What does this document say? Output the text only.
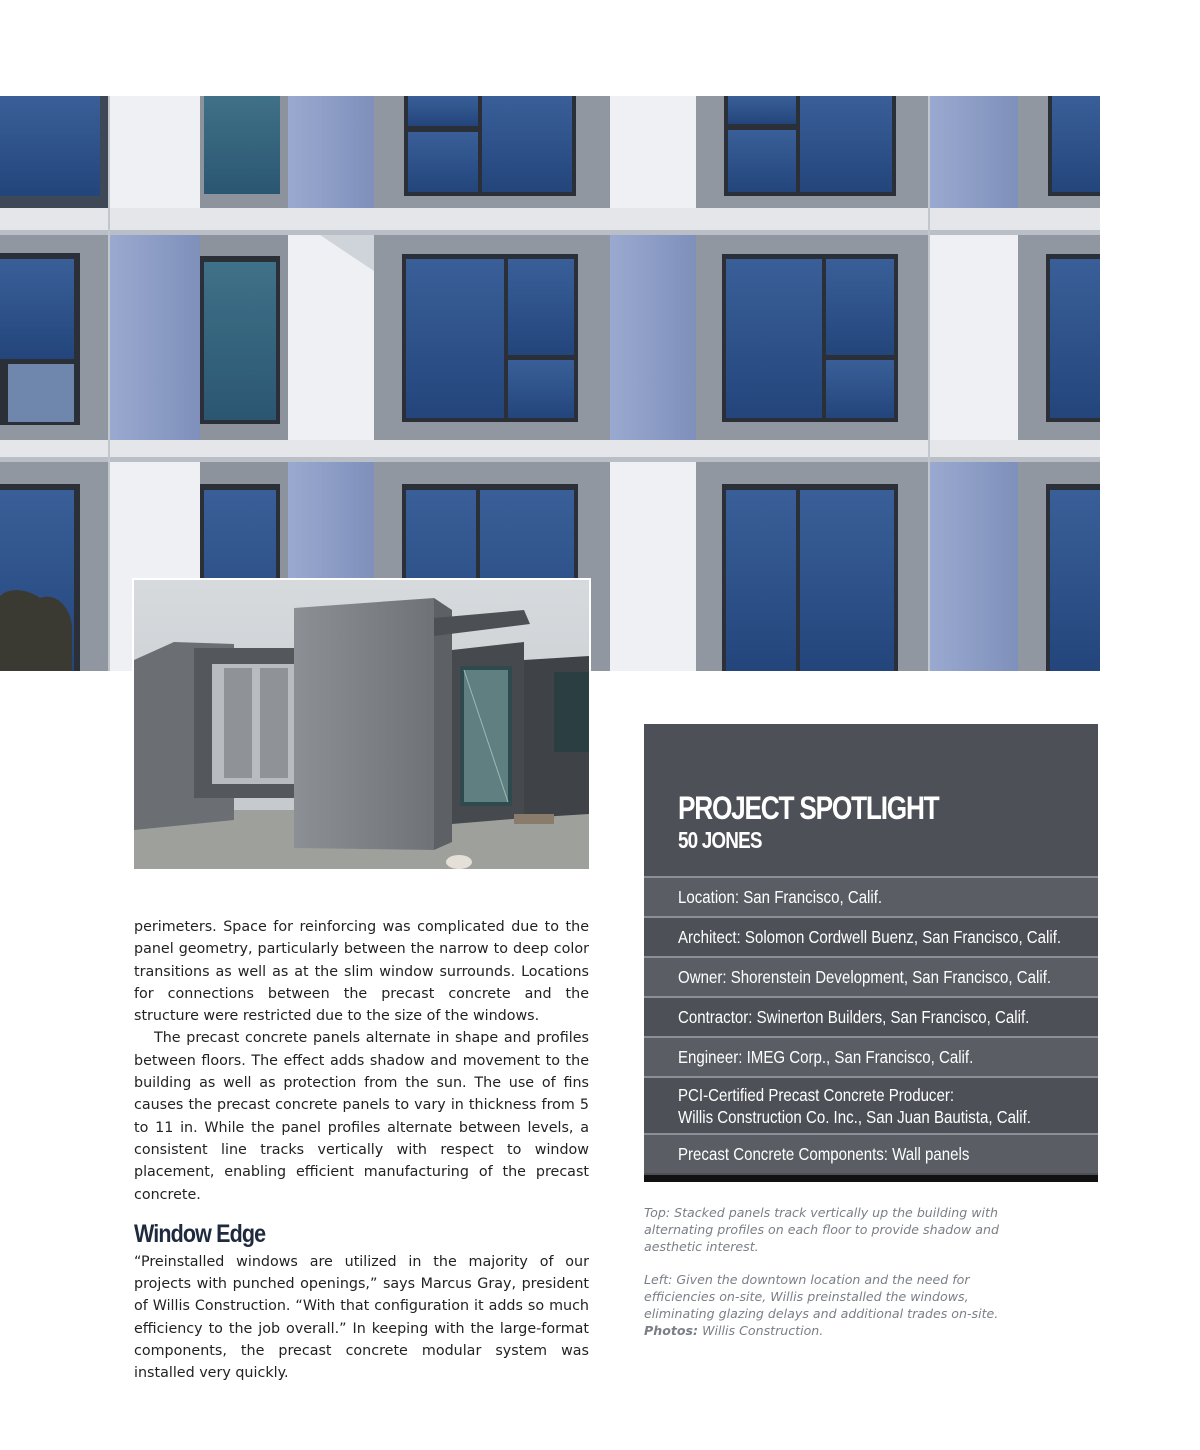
perimeters. Space for reinforcing was complicated due to the panel geometry, particularly between the narrow to deep color transitions as well as at the slim window surrounds. Locations for connections between the precast concrete and the structure were restricted due to the size of the windows.

The precast concrete panels alternate in shape and profiles between floors. The effect adds shadow and movement to the building as well as protection from the sun. The use of fins causes the precast concrete panels to vary in thickness from 5 to 11 in. While the panel profiles alternate between levels, a consistent line tracks vertically with respect to window placement, enabling efficient manufacturing of the precast concrete.

Window Edge

“Preinstalled windows are utilized in the majority of our projects with punched openings,” says Marcus Gray, president of Willis Construction. “With that configuration it adds so much efficiency to the job overall.” In keeping with the large-format components, the precast concrete modular system was installed very quickly.

PROJECT SPOTLIGHT
50 JONES
Location: San Francisco, Calif.
Architect: Solomon Cordwell Buenz, San Francisco, Calif.
Owner: Shorenstein Development, San Francisco, Calif.
Contractor: Swinerton Builders, San Francisco, Calif.
Engineer: IMEG Corp., San Francisco, Calif.
PCI-Certified Precast Concrete Producer:
Willis Construction Co. Inc., San Juan Bautista, Calif.
Precast Concrete Components: Wall panels

Top: Stacked panels track vertically up the building with alternating profiles on each floor to provide shadow and aesthetic interest.

Left: Given the downtown location and the need for efficiencies on-site, Willis preinstalled the windows, eliminating glazing delays and additional trades on-site. Photos: Willis Construction.
